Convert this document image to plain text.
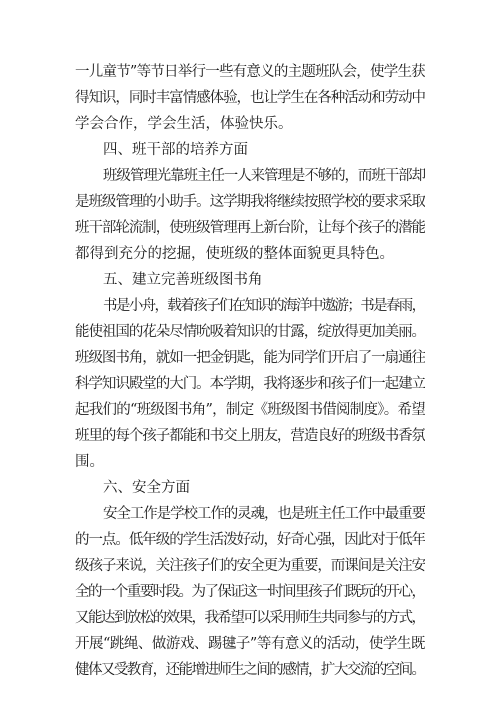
一儿童节”等节日举行一些有意义的主题班队会，使学生获
得知识，同时丰富情感体验，也让学生在各种活动和劳动中
学会合作，学会生活，体验快乐。
四、班干部的培养方面
班级管理光靠班主任一人来管理是不够的，而班干部却
是班级管理的小助手。这学期我将继续按照学校的要求采取
班干部轮流制，使班级管理再上新台阶，让每个孩子的潜能
都得到充分的挖掘，使班级的整体面貌更具特色。
五、建立完善班级图书角
书是小舟，载着孩子们在知识的海洋中遨游；书是春雨，
能使祖国的花朵尽情吮吸着知识的甘露，绽放得更加美丽。
班级图书角，就如一把金钥匙，能为同学们开启了一扇通往
科学知识殿堂的大门。本学期，我将逐步和孩子们一起建立
起我们的“班级图书角”，制定《班级图书借阅制度》。希望
班里的每个孩子都能和书交上朋友，营造良好的班级书香氛
围。
六、安全方面
安全工作是学校工作的灵魂，也是班主任工作中最重要
的一点。低年级的学生活泼好动，好奇心强，因此对于低年
级孩子来说，关注孩子们的安全更为重要，而课间是关注安
全的一个重要时段。为了保证这一时间里孩子们既玩的开心，
又能达到放松的效果，我希望可以采用师生共同参与的方式，
开展“跳绳、做游戏、踢毽子”等有意义的活动，使学生既
健体又受教育，还能增进师生之间的感情，扩大交流的空间。
